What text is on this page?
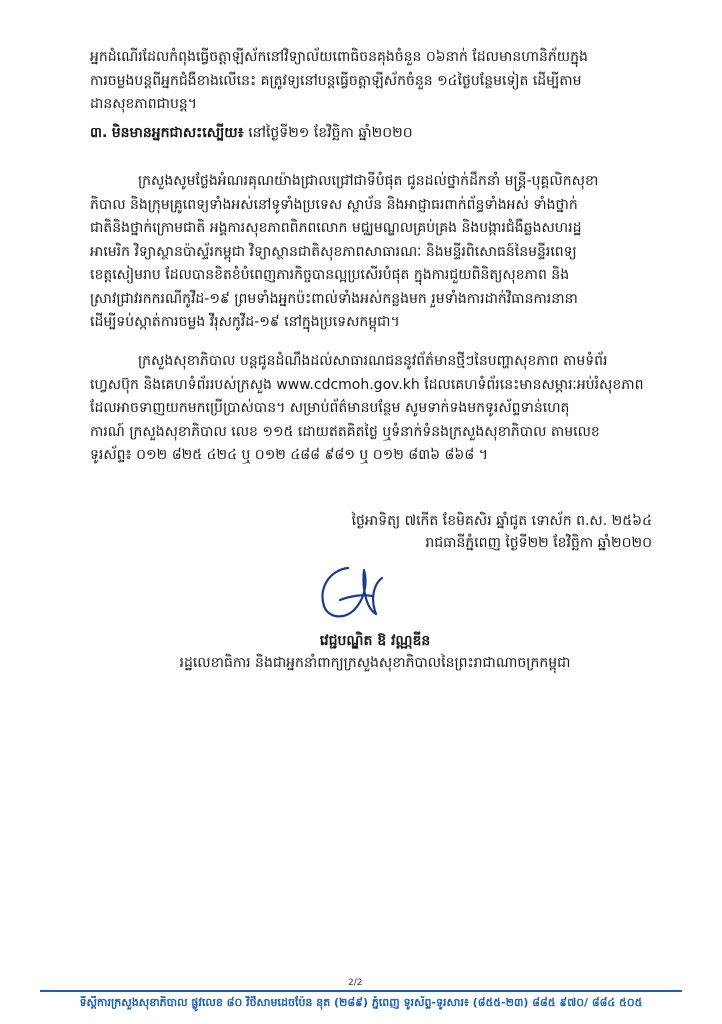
អ្នកដំណើរដែលកំពុងធ្វើចត្តាឡីស័កនៅវិទ្យាល័យពោធិចនគុងចំនួន ០៦នាក់ ដែលមានហានិភ័យក្នុង
ការចម្លងបន្តពីអ្នកជំងឺខាងលើនេះ គត្រូវទ្យនៅបន្តធ្វើចត្តាឡីស័កចំនួន ១៤ថ្ងៃបន្ថែមទៀត ដើម្បីតាម
ដានសុខភាពជាបន្ត។
៣. មិនមានអ្នកជាសះស្បើយ៖ នៅថ្ងៃទី២១ ខែវិច្ឆិកា ឆ្នាំ២០២០
ក្រសួងសូមថ្លែងអំណរគុណយ៉ាងជ្រាលជ្រៅជាទីបំផុត ជូនដល់ថ្នាក់ដឹកនាំ មន្ត្រី-បុគ្គលិកសុខា
ភិបាល និងក្រុមគ្រូពេទ្យទាំងអស់នៅទូទាំងប្រទេស ស្ថាប័ន និងអាជ្ញាធរពាក់ព័ន្ធទាំងអស់ ទាំងថ្នាក់
ជាតិនិងថ្នាក់ក្រោមជាតិ អង្គការសុខភាពពិភពលោក មជ្ឈមណ្ឌលគ្រប់គ្រង និងបង្ការជំងឺឆ្លងសហរដ្ឋ
អាមេរិក វិទ្យាស្ថានប៉ាស្ទ័រកម្ពុជា វិទ្យាស្ថានជាតិសុខភាពសាធារណៈ និងមន្ទីរពិសោធន៍នៃមន្ទីរពេទ្យ
ខេត្តសៀមរាប ដែលបានខិតខំបំពេញភារកិច្ចបានល្អប្រសើរបំផុត ក្នុងការជួយពិនិត្យសុខភាព និង
ស្រាវជ្រាវរកករណីកូវីដ-១៩ ព្រមទាំងអ្នកប៉ះពាល់ទាំងអស់កន្លងមក រួមទាំងការដាក់វិធានការនានា
ដើម្បីទប់ស្កាត់ការចម្លង វីរុសកូវីដ-១៩ នៅក្នុងប្រទេសកម្ពុជា។
ក្រសួងសុខាភិបាល បន្តជូនដំណឹងដល់សាធារណជននូវព័ត៌មានថ្មីៗនៃបញ្ហាសុខភាព តាមទំព័រ
ហ្វេសប៊ុក និងគេហទំព័ររបស់ក្រសួង www.cdcmoh.gov.kh ដែលគេហទំព័រនេះមានសម្ភារៈអប់រំសុខភាព
ដែលអាចទាញយកមកប្រើប្រាស់បាន។ សម្រាប់ព័ត៌មានបន្ថែម សូមទាក់ទងមកទូរស័ព្ទទាន់ហេតុ
ការណ៍ ក្រសួងសុខាភិបាល លេខ ១១៥ ដោយឥតគិតថ្លៃ ឬទំនាក់ទំនងក្រសួងសុខាភិបាល តាមលេខ
ទូរស័ព្ទ៖ ០១២ ៨២៥ ៤២៤ ឬ ០១២ ៤៨៨ ៩៨១ ឬ ០១២ ៨៣៦ ៨៦៨ ។
ថ្ងៃអាទិត្យ ៧កើត ខែមិគសិរ ឆ្នាំជូត ទោស័ក ព.ស. ២៥៦៤
រាជធានីភ្នំពេញ ថ្ងៃទី២២ ខែវិច្ឆិកា ឆ្នាំ២០២០
វេជ្ជបណ្ឌិត ឱ វណ្ណឌីន
រដ្ឋលេខាធិការ និងជាអ្នកនាំពាក្យក្រសួងសុខាភិបាលនៃព្រះរាជាណាចក្រកម្ពុជា
2/2
ទីស្តីការក្រសួងសុខាភិបាល ផ្លូវលេខ ៨០ វិថីសាមដេចប៉ែន នុត (២៨៩) ភ្នំពេញ ទូរស័ព្ទ-ទូរសារ៖ (៨៥៥-២៣) ៨៨៥ ៩៧០/ ៨៨៤ ៥០៥
